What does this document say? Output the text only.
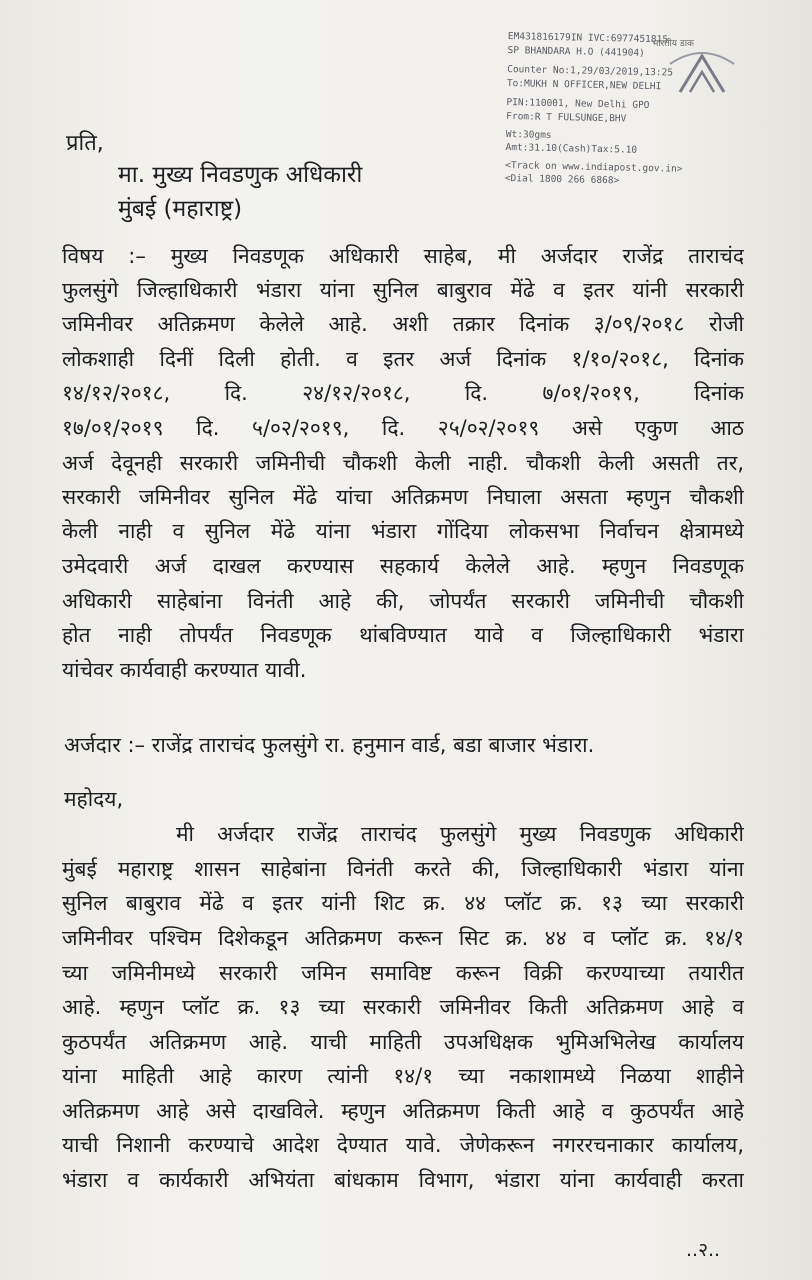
EM431816179IN IVC:6977451815
SP BHANDARA H.O (441904)
Counter No:1,29/03/2019,13:25
To:MUKH N OFFICER,NEW DELHI
PIN:110001, New Delhi GPO
From:R T FULSUNGE,BHV
Wt:30gms
Amt:31.10(Cash)Tax:5.10
<Track on www.indiapost.gov.in>
<Dial 1800 266 6868>
भारतीय डाक
प्रति,
मा. मुख्य निवडणुक अधिकारी
मुंबई (महाराष्ट्र)
विषय :– मुख्य निवडणूक अधिकारी साहेब, मी अर्जदार राजेंद्र ताराचंद
फुलसुंगे जिल्हाधिकारी भंडारा यांना सुनिल बाबुराव मेंढे व इतर यांनी सरकारी
जमिनीवर अतिक्रमण केलेले आहे. अशी तक्रार दिनांक ३/०९/२०१८ रोजी
लोकशाही दिनीं दिली होती. व इतर अर्ज दिनांक १/१०/२०१८, दिनांक
१४/१२/२०१८, दि. २४/१२/२०१८, दि. ७/०१/२०१९, दिनांक
१७/०१/२०१९ दि. ५/०२/२०१९, दि. २५/०२/२०१९ असे एकुण आठ
अर्ज देवूनही सरकारी जमिनीची चौकशी केली नाही. चौकशी केली असती तर,
सरकारी जमिनीवर सुनिल मेंढे यांचा अतिक्रमण निघाला असता म्हणुन चौकशी
केली नाही व सुनिल मेंढे यांना भंडारा गोंदिया लोकसभा निर्वाचन क्षेत्रामध्ये
उमेदवारी अर्ज दाखल करण्यास सहकार्य केलेले आहे. म्हणुन निवडणूक
अधिकारी साहेबांना विनंती आहे की, जोपर्यंत सरकारी जमिनीची चौकशी
होत नाही तोपर्यंत निवडणूक थांबविण्यात यावे व जिल्हाधिकारी भंडारा
यांचेवर कार्यवाही करण्यात यावी.
अर्जदार :– राजेंद्र ताराचंद फुलसुंगे रा. हनुमान वार्ड, बडा बाजार भंडारा.
महोदय,
मी अर्जदार राजेंद्र ताराचंद फुलसुंगे मुख्य निवडणुक अधिकारी
मुंबई महाराष्ट्र शासन साहेबांना विनंती करते की, जिल्हाधिकारी भंडारा यांना
सुनिल बाबुराव मेंढे व इतर यांनी शिट क्र. ४४ प्लॉट क्र. १३ च्या सरकारी
जमिनीवर पश्चिम दिशेकडून अतिक्रमण करून सिट क्र. ४४ व प्लॉट क्र. १४/१
च्या जमिनीमध्ये सरकारी जमिन समाविष्ट करून विक्री करण्याच्या तयारीत
आहे. म्हणुन प्लॉट क्र. १३ च्या सरकारी जमिनीवर किती अतिक्रमण आहे व
कुठपर्यंत अतिक्रमण आहे. याची माहिती उपअधिक्षक भुमिअभिलेख कार्यालय
यांना माहिती आहे कारण त्यांनी १४/१ च्या नकाशामध्ये निळया शाहीने
अतिक्रमण आहे असे दाखविले. म्हणुन अतिक्रमण किती आहे व कुठपर्यंत आहे
याची निशानी करण्याचे आदेश देण्यात यावे. जेणेकरून नगररचनाकार कार्यालय,
भंडारा व कार्यकारी अभियंता बांधकाम विभाग, भंडारा यांना कार्यवाही करता
..२..
